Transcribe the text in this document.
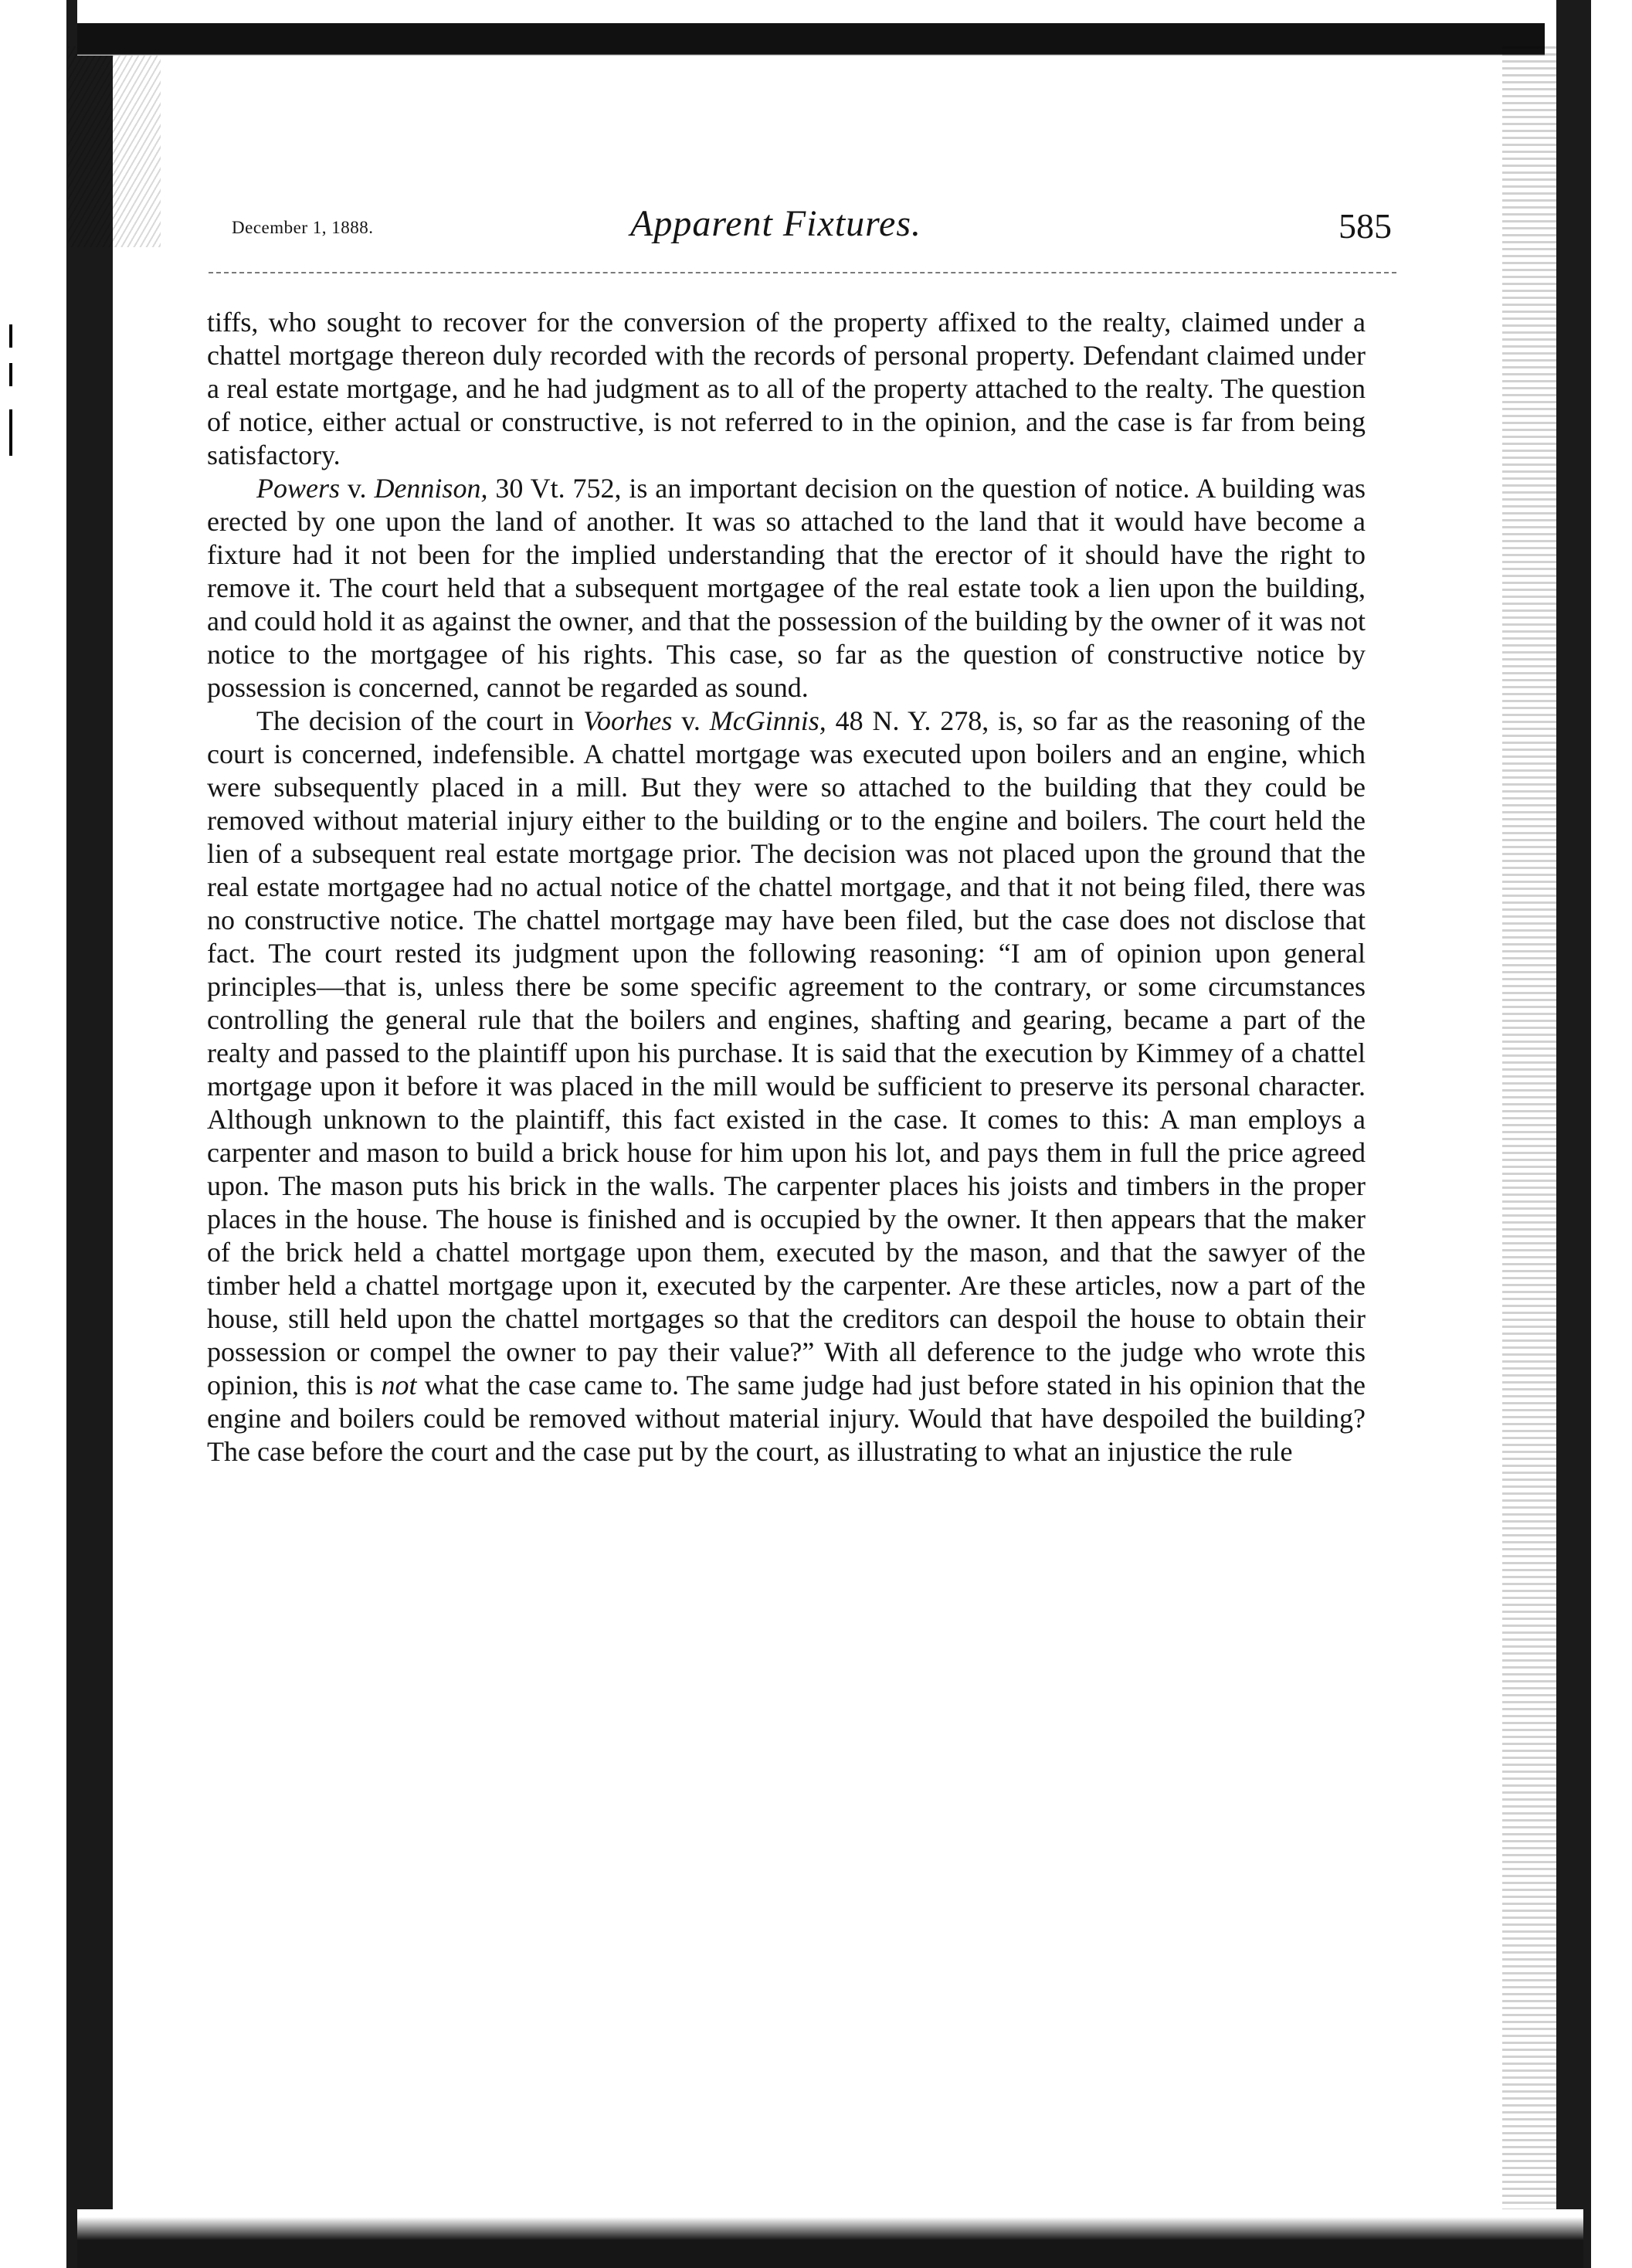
December 1, 1888.	Apparent Fixtures.	585

tiffs, who sought to recover for the conversion of the property affixed to the realty, claimed under a chattel mortgage thereon duly recorded with the records of personal property. Defendant claimed under a real estate mortgage, and he had judgment as to all of the property attached to the realty. The question of notice, either actual or constructive, is not referred to in the opinion, and the case is far from being satisfactory.

Powers v. Dennison, 30 Vt. 752, is an important decision on the question of notice. A building was erected by one upon the land of another. It was so attached to the land that it would have become a fixture had it not been for the implied understanding that the erector of it should have the right to remove it. The court held that a subsequent mortgagee of the real estate took a lien upon the building, and could hold it as against the owner, and that the possession of the building by the owner of it was not notice to the mortgagee of his rights. This case, so far as the question of constructive notice by possession is concerned, cannot be regarded as sound.

The decision of the court in Voorhes v. McGinnis, 48 N. Y. 278, is, so far as the reasoning of the court is concerned, indefensible. A chattel mortgage was executed upon boilers and an engine, which were subsequently placed in a mill. But they were so attached to the building that they could be removed without material injury either to the building or to the engine and boilers. The court held the lien of a subsequent real estate mortgage prior. The decision was not placed upon the ground that the real estate mortgagee had no actual notice of the chattel mortgage, and that it not being filed, there was no constructive notice. The chattel mortgage may have been filed, but the case does not disclose that fact. The court rested its judgment upon the following reasoning: “I am of opinion upon general principles—that is, unless there be some specific agreement to the contrary, or some circumstances controlling the general rule that the boilers and engines, shafting and gearing, became a part of the realty and passed to the plaintiff upon his purchase. It is said that the execution by Kimmey of a chattel mortgage upon it before it was placed in the mill would be sufficient to preserve its personal character. Although unknown to the plaintiff, this fact existed in the case. It comes to this: A man employs a carpenter and mason to build a brick house for him upon his lot, and pays them in full the price agreed upon. The mason puts his brick in the walls. The carpenter places his joists and timbers in the proper places in the house. The house is finished and is occupied by the owner. It then appears that the maker of the brick held a chattel mortgage upon them, executed by the mason, and that the sawyer of the timber held a chattel mortgage upon it, executed by the carpenter. Are these articles, now a part of the house, still held upon the chattel mortgages so that the creditors can despoil the house to obtain their possession or compel the owner to pay their value?” With all deference to the judge who wrote this opinion, this is not what the case came to. The same judge had just before stated in his opinion that the engine and boilers could be removed without material injury. Would that have despoiled the building? The case before the court and the case put by the court, as illustrating to what an injustice the rule
